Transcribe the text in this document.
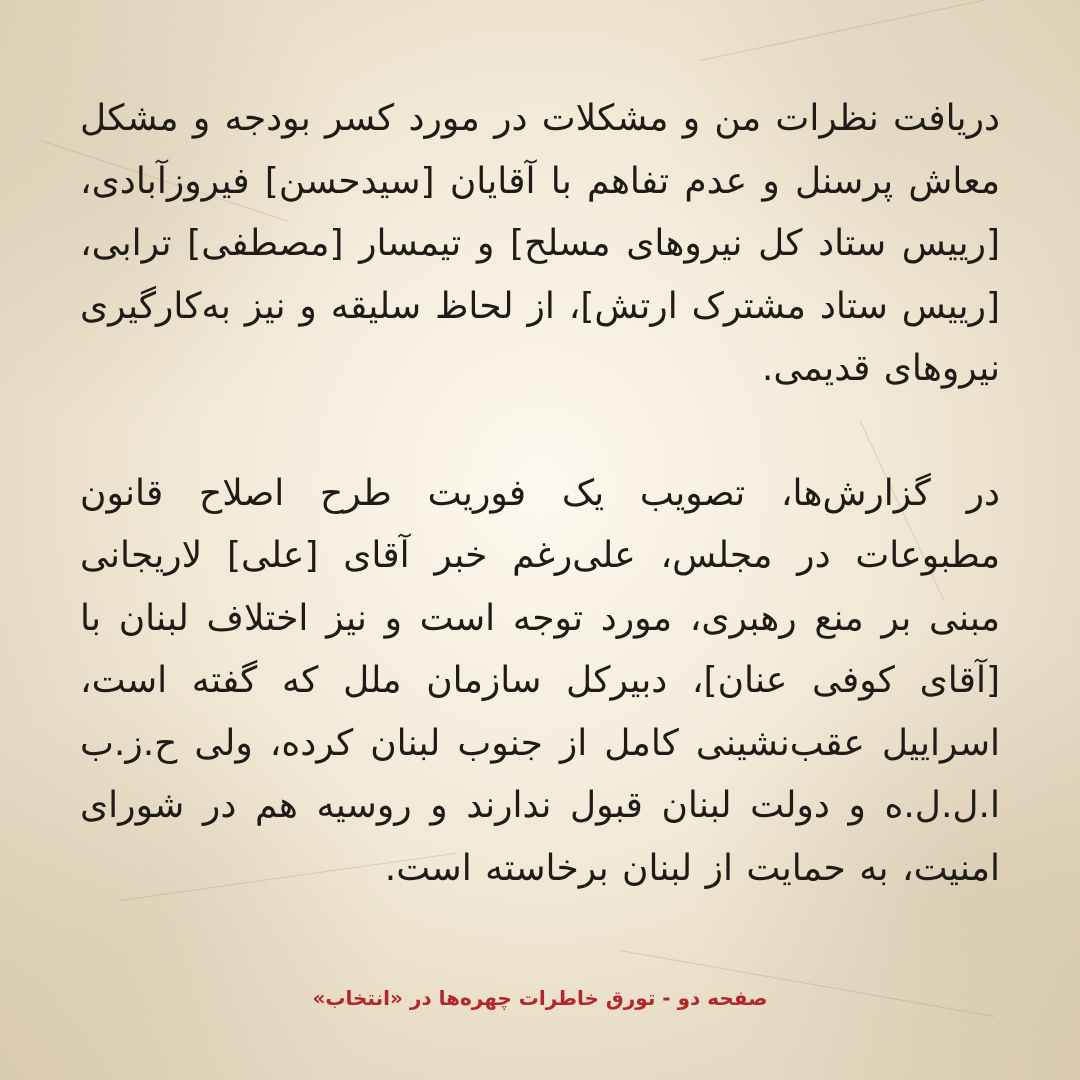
دریافت نظرات من و مشکلات در مورد کسر بودجه و مشکل معاش پرسنل و عدم تفاهم با آقایان [سیدحسن] فیروزآبادی، [رییس ستاد کل نیروهای مسلح] و تیمسار [مصطفی] ترابی، [رییس ستاد مشترک ارتش]، از لحاظ سلیقه و نیز به‌کارگیری نیروهای قدیمی.

در گزارش‌ها، تصویب یک فوریت طرح اصلاح قانون مطبوعات در مجلس، علی‌رغم خبر آقای [علی] لاریجانی مبنی بر منع رهبری، مورد توجه است و نیز اختلاف لبنان با [آقای کوفی عنان]، دبیرکل سازمان ملل که گفته است، اسراییل عقب‌نشینی کامل از جنوب لبنان کرده، ولی ح.ز.ب ا.ل.ل.ه و دولت لبنان قبول ندارند و روسیه هم در شورای امنیت، به حمایت از لبنان برخاسته است.

صفحه دو - تورق خاطرات چهره‌ها در «انتخاب»
